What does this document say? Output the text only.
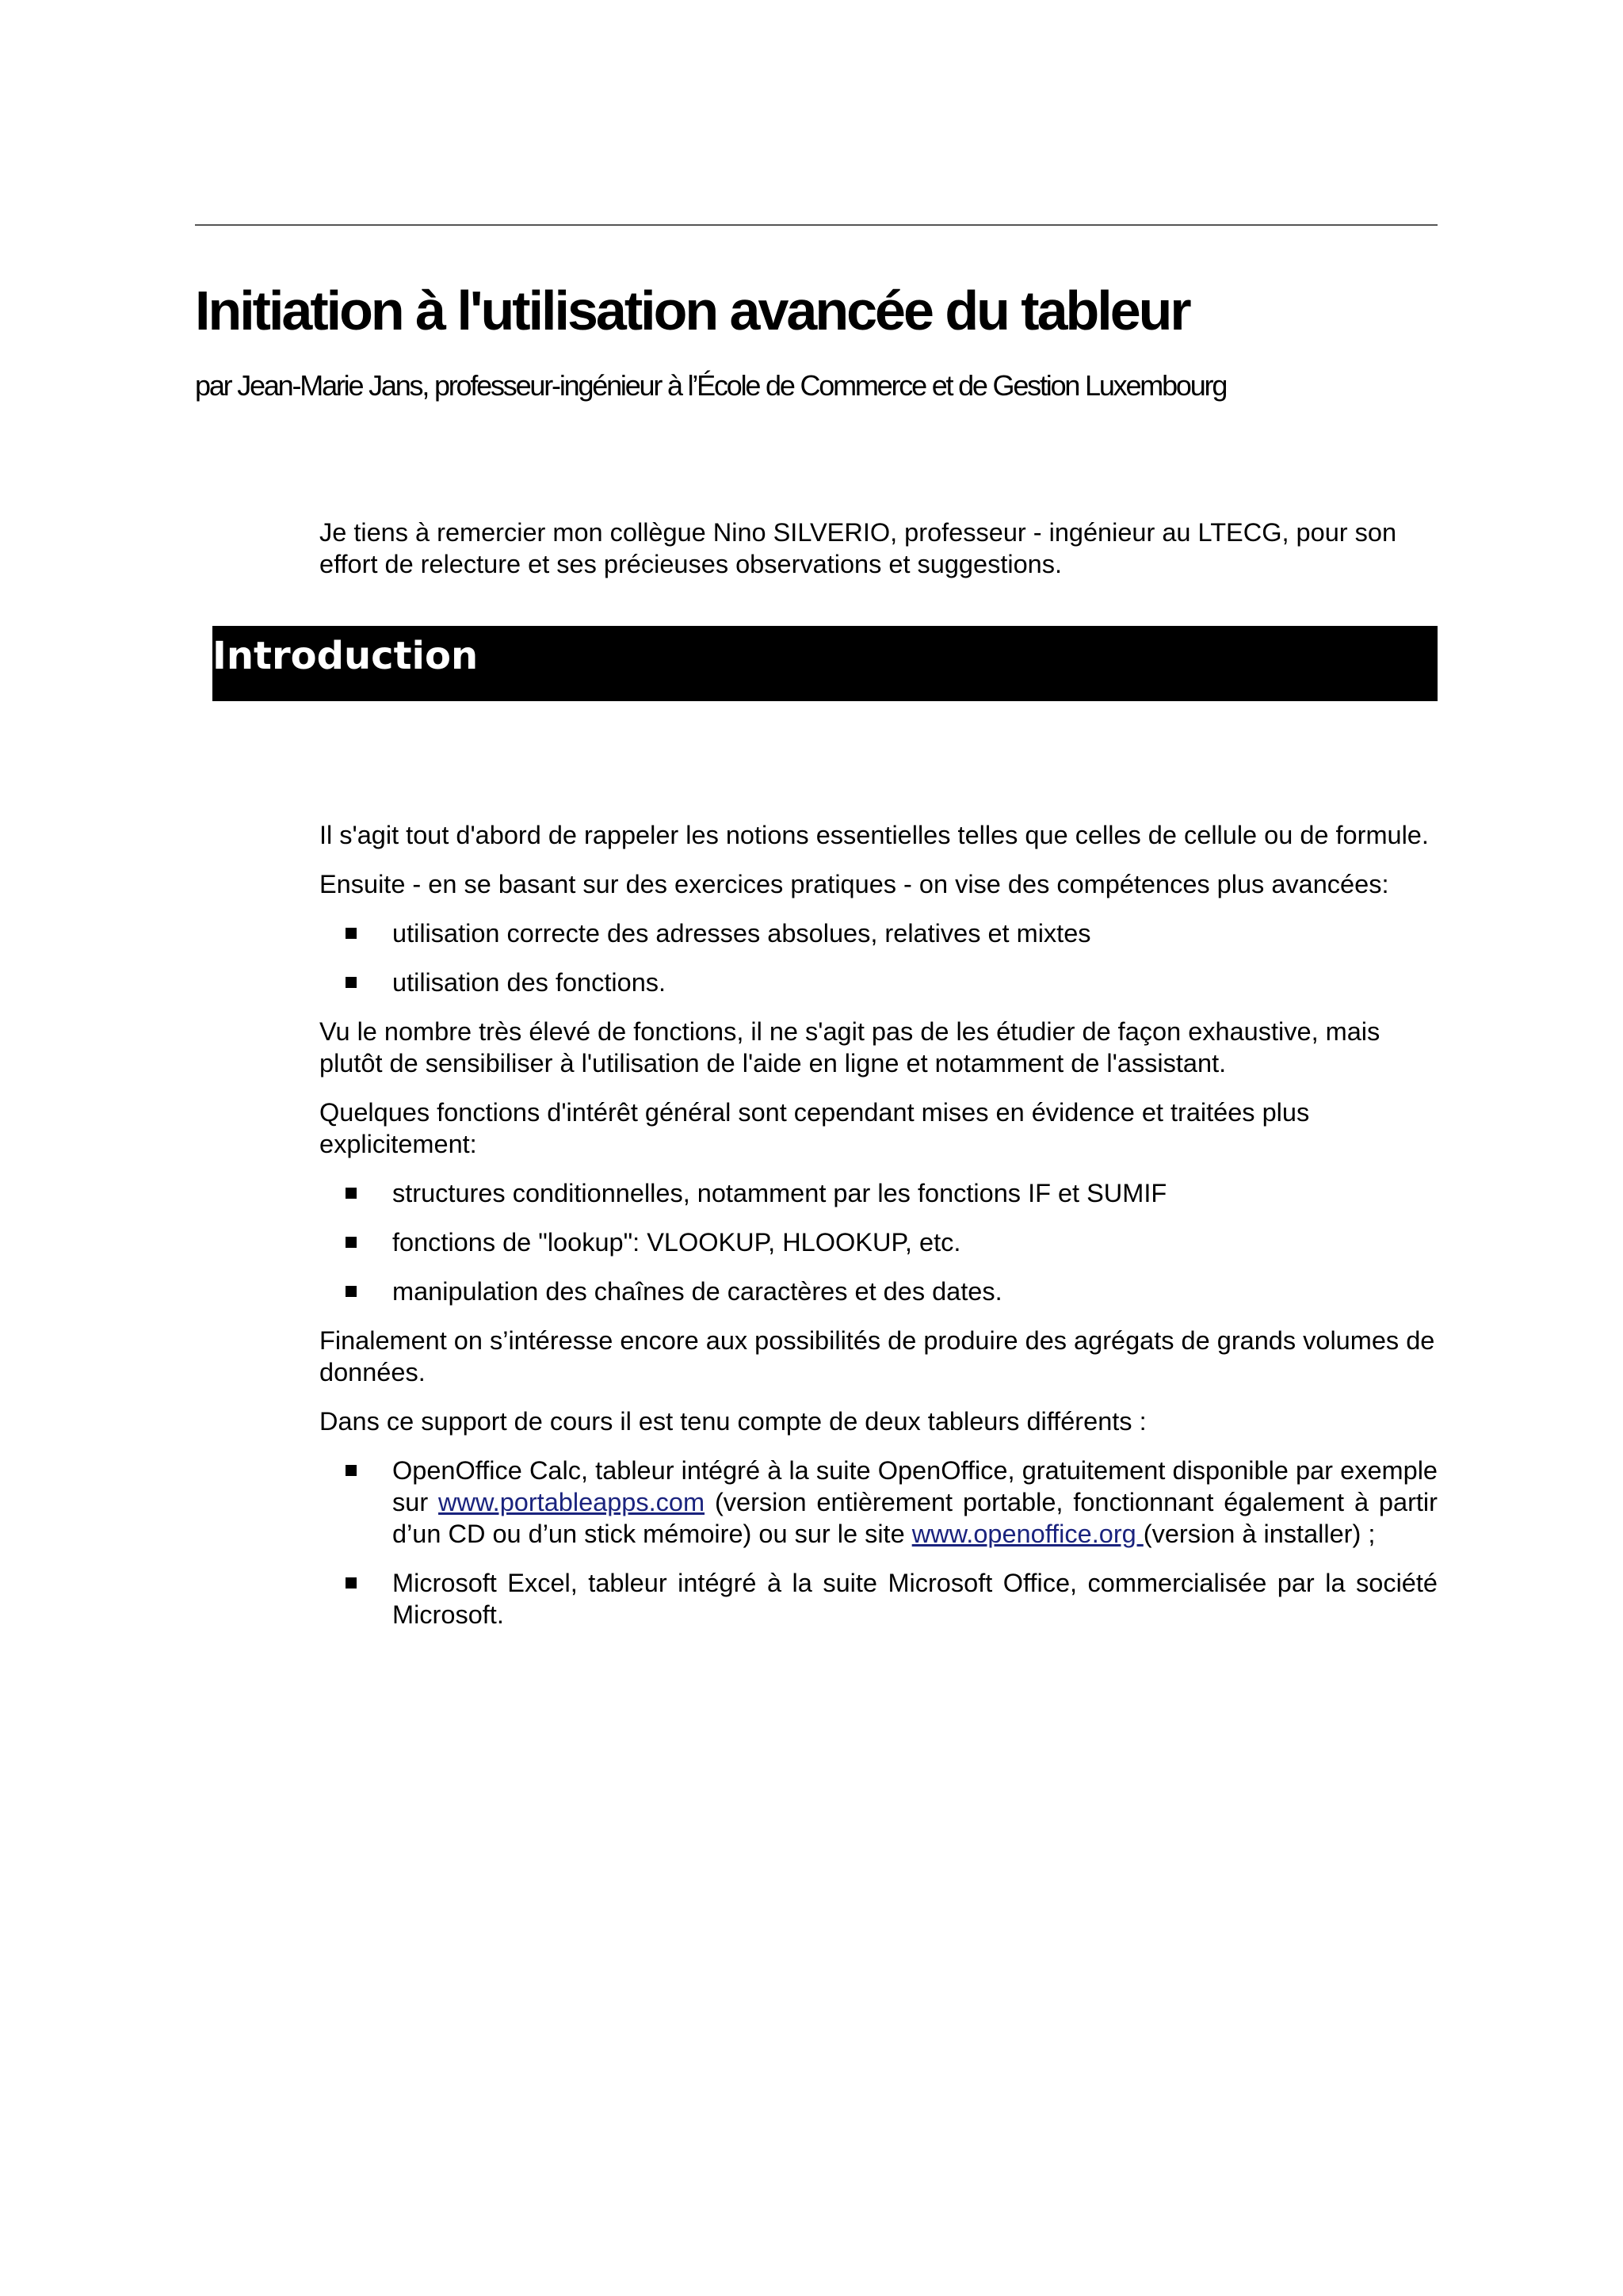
Initiation à l'utilisation avancée du tableur

par Jean-Marie Jans, professeur-ingénieur à l’École de Commerce et de Gestion Luxembourg

Je tiens à remercier mon collègue Nino SILVERIO, professeur - ingénieur au LTECG, pour son effort de relecture et ses précieuses observations et suggestions.

Introduction

Il s'agit tout d'abord de rappeler les notions essentielles telles que celles de cellule ou de formule.

Ensuite - en se basant sur des exercices pratiques - on vise des compétences plus avancées:

utilisation correcte des adresses absolues, relatives et mixtes
utilisation des fonctions.

Vu le nombre très élevé de fonctions, il ne s'agit pas de les étudier de façon exhaustive, mais plutôt de sensibiliser à l'utilisation de l'aide en ligne et notamment de l'assistant.

Quelques fonctions d'intérêt général sont cependant mises en évidence et traitées plus explicitement:

structures conditionnelles, notamment par les fonctions IF et SUMIF
fonctions de "lookup": VLOOKUP, HLOOKUP, etc.
manipulation des chaînes de caractères et des dates.

Finalement on s’intéresse encore aux possibilités de produire des agrégats de grands volumes de données.

Dans ce support de cours il est tenu compte de deux tableurs différents :

OpenOffice Calc, tableur intégré à la suite OpenOffice, gratuitement disponible par exemple sur www.portableapps.com (version entièrement portable, fonctionnant également à partir d’un CD ou d’un stick mémoire) ou sur le site www.openoffice.org (version à installer) ;
Microsoft Excel, tableur intégré à la suite Microsoft Office, commercialisée par la société Microsoft.
